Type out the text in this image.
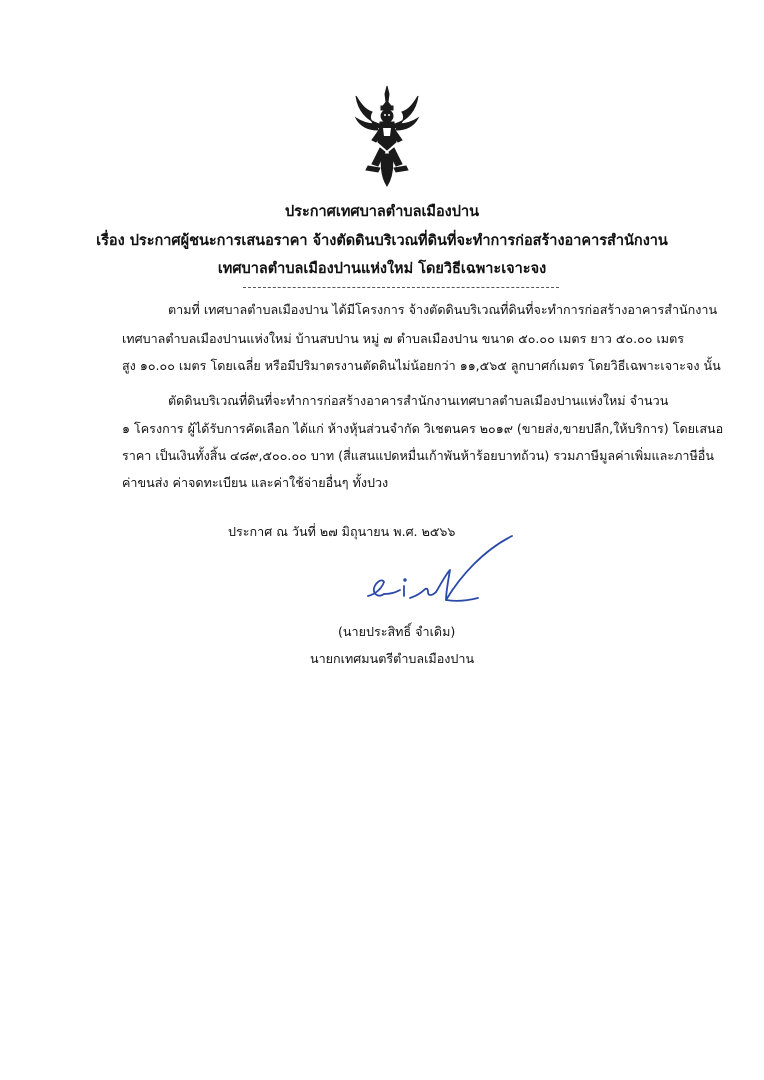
ประกาศเทศบาลตำบลเมืองปาน
เรื่อง ประกาศผู้ชนะการเสนอราคา จ้างตัดดินบริเวณที่ดินที่จะทำการก่อสร้างอาคารสำนักงาน
เทศบาลตำบลเมืองปานแห่งใหม่ โดยวิธีเฉพาะเจาะจง
ตามที่ เทศบาลตำบลเมืองปาน ได้มีโครงการ จ้างตัดดินบริเวณที่ดินที่จะทำการก่อสร้างอาคารสำนักงาน
เทศบาลตำบลเมืองปานแห่งใหม่ บ้านสบปาน หมู่ ๗ ตำบลเมืองปาน ขนาด ๕๐.๐๐ เมตร ยาว ๕๐.๐๐ เมตร
สูง ๑๐.๐๐ เมตร โดยเฉลี่ย หรือมีปริมาตรงานตัดดินไม่น้อยกว่า ๑๑,๕๖๕ ลูกบาศก์เมตร โดยวิธีเฉพาะเจาะจง นั้น
ตัดดินบริเวณที่ดินที่จะทำการก่อสร้างอาคารสำนักงานเทศบาลตำบลเมืองปานแห่งใหม่ จำนวน
๑ โครงการ ผู้ได้รับการคัดเลือก ได้แก่ ห้างหุ้นส่วนจำกัด วิเชตนคร ๒๐๑๙ (ขายส่ง,ขายปลีก,ให้บริการ) โดยเสนอ
ราคา เป็นเงินทั้งสิ้น ๔๘๙,๕๐๐.๐๐ บาท (สี่แสนแปดหมื่นเก้าพันห้าร้อยบาทถ้วน) รวมภาษีมูลค่าเพิ่มและภาษีอื่น
ค่าขนส่ง ค่าจดทะเบียน และค่าใช้จ่ายอื่นๆ ทั้งปวง
ประกาศ ณ วันที่ ๒๗ มิถุนายน พ.ศ. ๒๕๖๖
(นายประสิทธิ์ จำเดิม)
นายกเทศมนตรีตำบลเมืองปาน
